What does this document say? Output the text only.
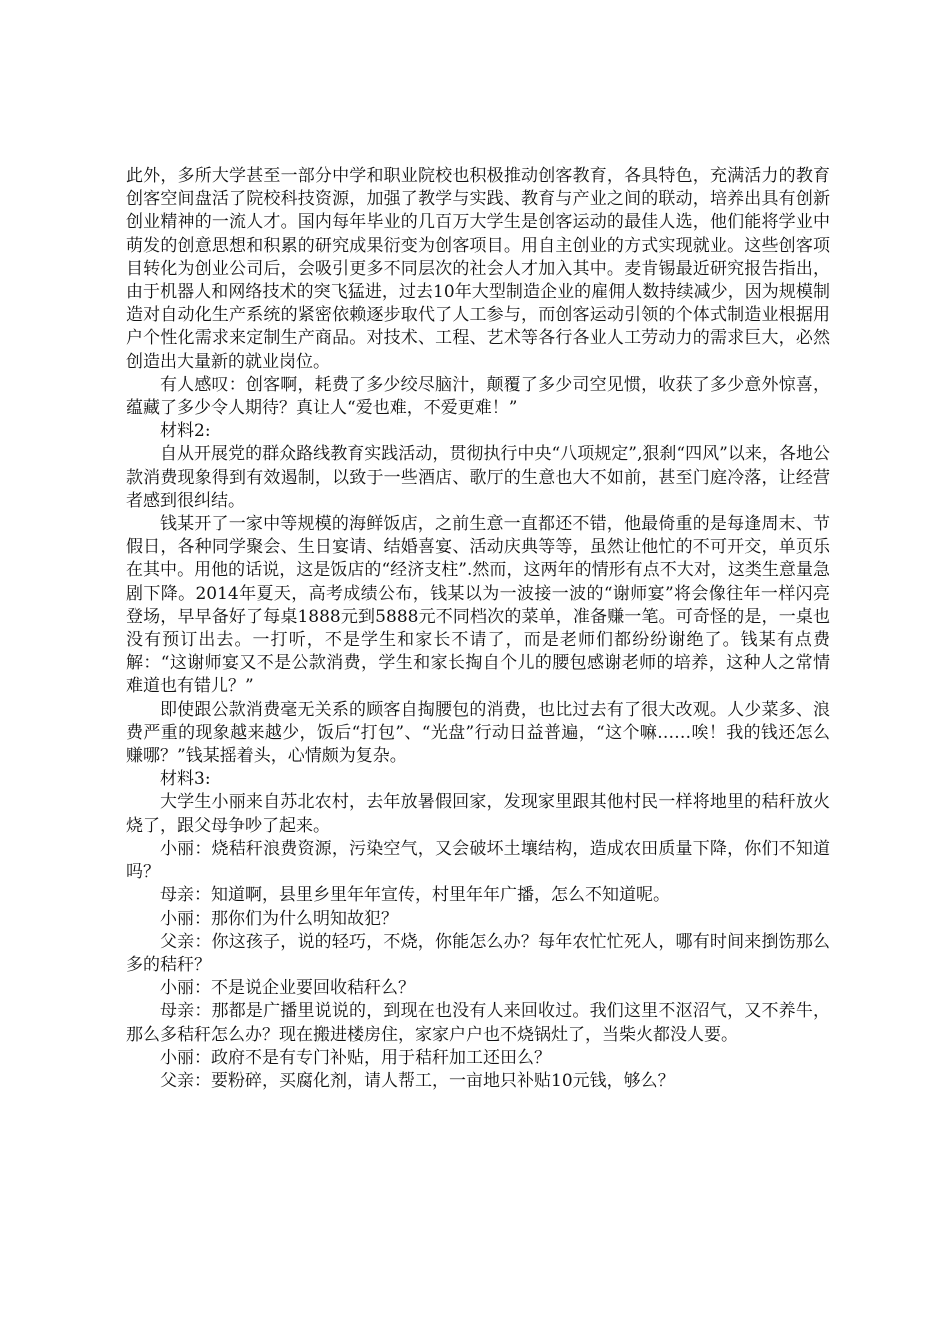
此外，多所大学甚至一部分中学和职业院校也积极推动创客教育，各具特色，充满活力的教育创客空间盘活了院校科技资源，加强了教学与实践、教育与产业之间的联动，培养出具有创新创业精神的一流人才。国内每年毕业的几百万大学生是创客运动的最佳人选，他们能将学业中萌发的创意思想和积累的研究成果衍变为创客项目。用自主创业的方式实现就业。这些创客项目转化为创业公司后，会吸引更多不同层次的社会人才加入其中。麦肯锡最近研究报告指出，由于机器人和网络技术的突飞猛进，过去10年大型制造企业的雇佣人数持续减少，因为规模制造对自动化生产系统的紧密依赖逐步取代了人工参与，而创客运动引领的个体式制造业根据用户个性化需求来定制生产商品。对技术、工程、艺术等各行各业人工劳动力的需求巨大，必然创造出大量新的就业岗位。

有人感叹：创客啊，耗费了多少绞尽脑汁，颠覆了多少司空见惯，收获了多少意外惊喜，蕴藏了多少令人期待？真让人“爱也难，不爱更难！”

材料2:

自从开展党的群众路线教育实践活动，贯彻执行中央“八项规定”,狠刹“四风”以来，各地公款消费现象得到有效遏制，以致于一些酒店、歌厅的生意也大不如前，甚至门庭冷落，让经营者感到很纠结。

钱某开了一家中等规模的海鲜饭店，之前生意一直都还不错，他最倚重的是每逢周末、节假日，各种同学聚会、生日宴请、结婚喜宴、活动庆典等等，虽然让他忙的不可开交，单页乐在其中。用他的话说，这是饭店的“经济支柱”.然而，这两年的情形有点不大对，这类生意量急剧下降。2014年夏天，高考成绩公布，钱某以为一波接一波的“谢师宴”将会像往年一样闪亮登场，早早备好了每桌1888元到5888元不同档次的菜单，准备赚一笔。可奇怪的是，一桌也没有预订出去。一打听，不是学生和家长不请了，而是老师们都纷纷谢绝了。钱某有点费解：“这谢师宴又不是公款消费，学生和家长掏自个儿的腰包感谢老师的培养，这种人之常情难道也有错儿？”

即使跟公款消费毫无关系的顾客自掏腰包的消费，也比过去有了很大改观。人少菜多、浪费严重的现象越来越少，饭后“打包”、“光盘”行动日益普遍，“这个嘛……唉！我的钱还怎么赚哪？”钱某摇着头，心情颇为复杂。

材料3:

大学生小丽来自苏北农村，去年放暑假回家，发现家里跟其他村民一样将地里的秸秆放火烧了，跟父母争吵了起来。

小丽：烧秸秆浪费资源，污染空气，又会破坏土壤结构，造成农田质量下降，你们不知道吗？

母亲：知道啊，县里乡里年年宣传，村里年年广播，怎么不知道呢。

小丽：那你们为什么明知故犯？

父亲：你这孩子，说的轻巧，不烧，你能怎么办？每年农忙忙死人，哪有时间来捯饬那么多的秸秆？

小丽：不是说企业要回收秸秆么？

母亲：那都是广播里说说的，到现在也没有人来回收过。我们这里不沤沼气，又不养牛，那么多秸秆怎么办？现在搬进楼房住，家家户户也不烧锅灶了，当柴火都没人要。

小丽：政府不是有专门补贴，用于秸秆加工还田么？

父亲：要粉碎，买腐化剂，请人帮工，一亩地只补贴10元钱，够么？
